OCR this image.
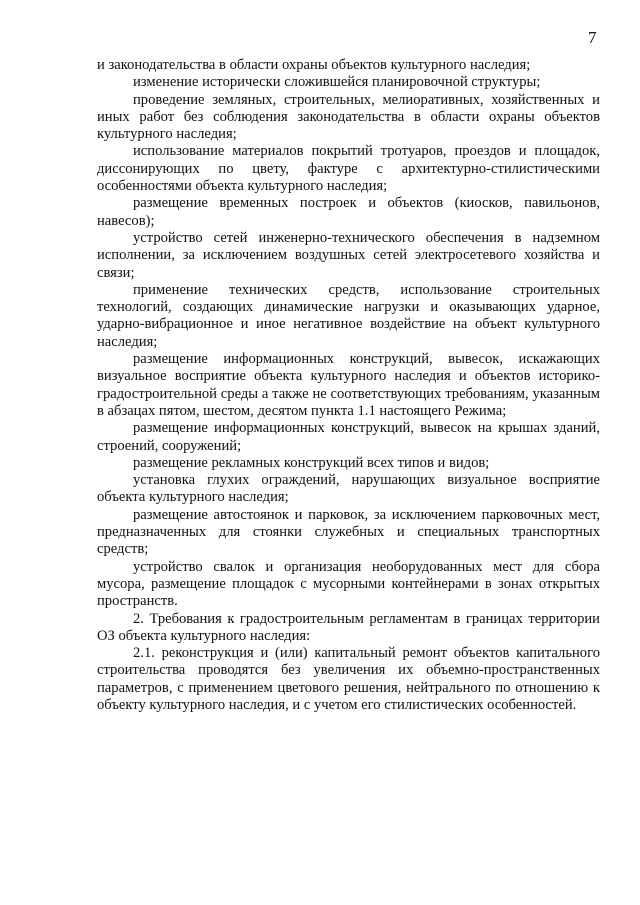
7

и законодательства в области охраны объектов культурного наследия;

изменение исторически сложившейся планировочной структуры;

проведение земляных, строительных, мелиоративных, хозяйственных и иных работ без соблюдения законодательства в области охраны объектов культурного наследия;

использование материалов покрытий тротуаров, проездов и площадок, диссонирующих по цвету, фактуре с архитектурно-стилистическими особенностями объекта культурного наследия;

размещение временных построек и объектов (киосков, павильонов, навесов);

устройство сетей инженерно-технического обеспечения в надземном исполнении, за исключением воздушных сетей электросетевого хозяйства и связи;

применение технических средств, использование строительных технологий, создающих динамические нагрузки и оказывающих ударное, ударно-вибрационное и иное негативное воздействие на объект культурного наследия;

размещение информационных конструкций, вывесок, искажающих визуальное восприятие объекта культурного наследия и объектов историко-градостроительной среды а также не соответствующих требованиям, указанным в абзацах пятом, шестом, десятом пункта 1.1 настоящего Режима;

размещение информационных конструкций, вывесок на крышах зданий, строений, сооружений;

размещение рекламных конструкций всех типов и видов;

установка глухих ограждений, нарушающих визуальное восприятие объекта культурного наследия;

размещение автостоянок и парковок, за исключением парковочных мест, предназначенных для стоянки служебных и специальных транспортных средств;

устройство свалок и организация необорудованных мест для сбора мусора, размещение площадок с мусорными контейнерами в зонах открытых пространств.

2. Требования к градостроительным регламентам в границах территории ОЗ объекта культурного наследия:

2.1. реконструкция и (или) капитальный ремонт объектов капитального строительства проводятся без увеличения их объемно-пространственных параметров, с применением цветового решения, нейтрального по отношению к объекту культурного наследия, и с учетом его стилистических особенностей.
